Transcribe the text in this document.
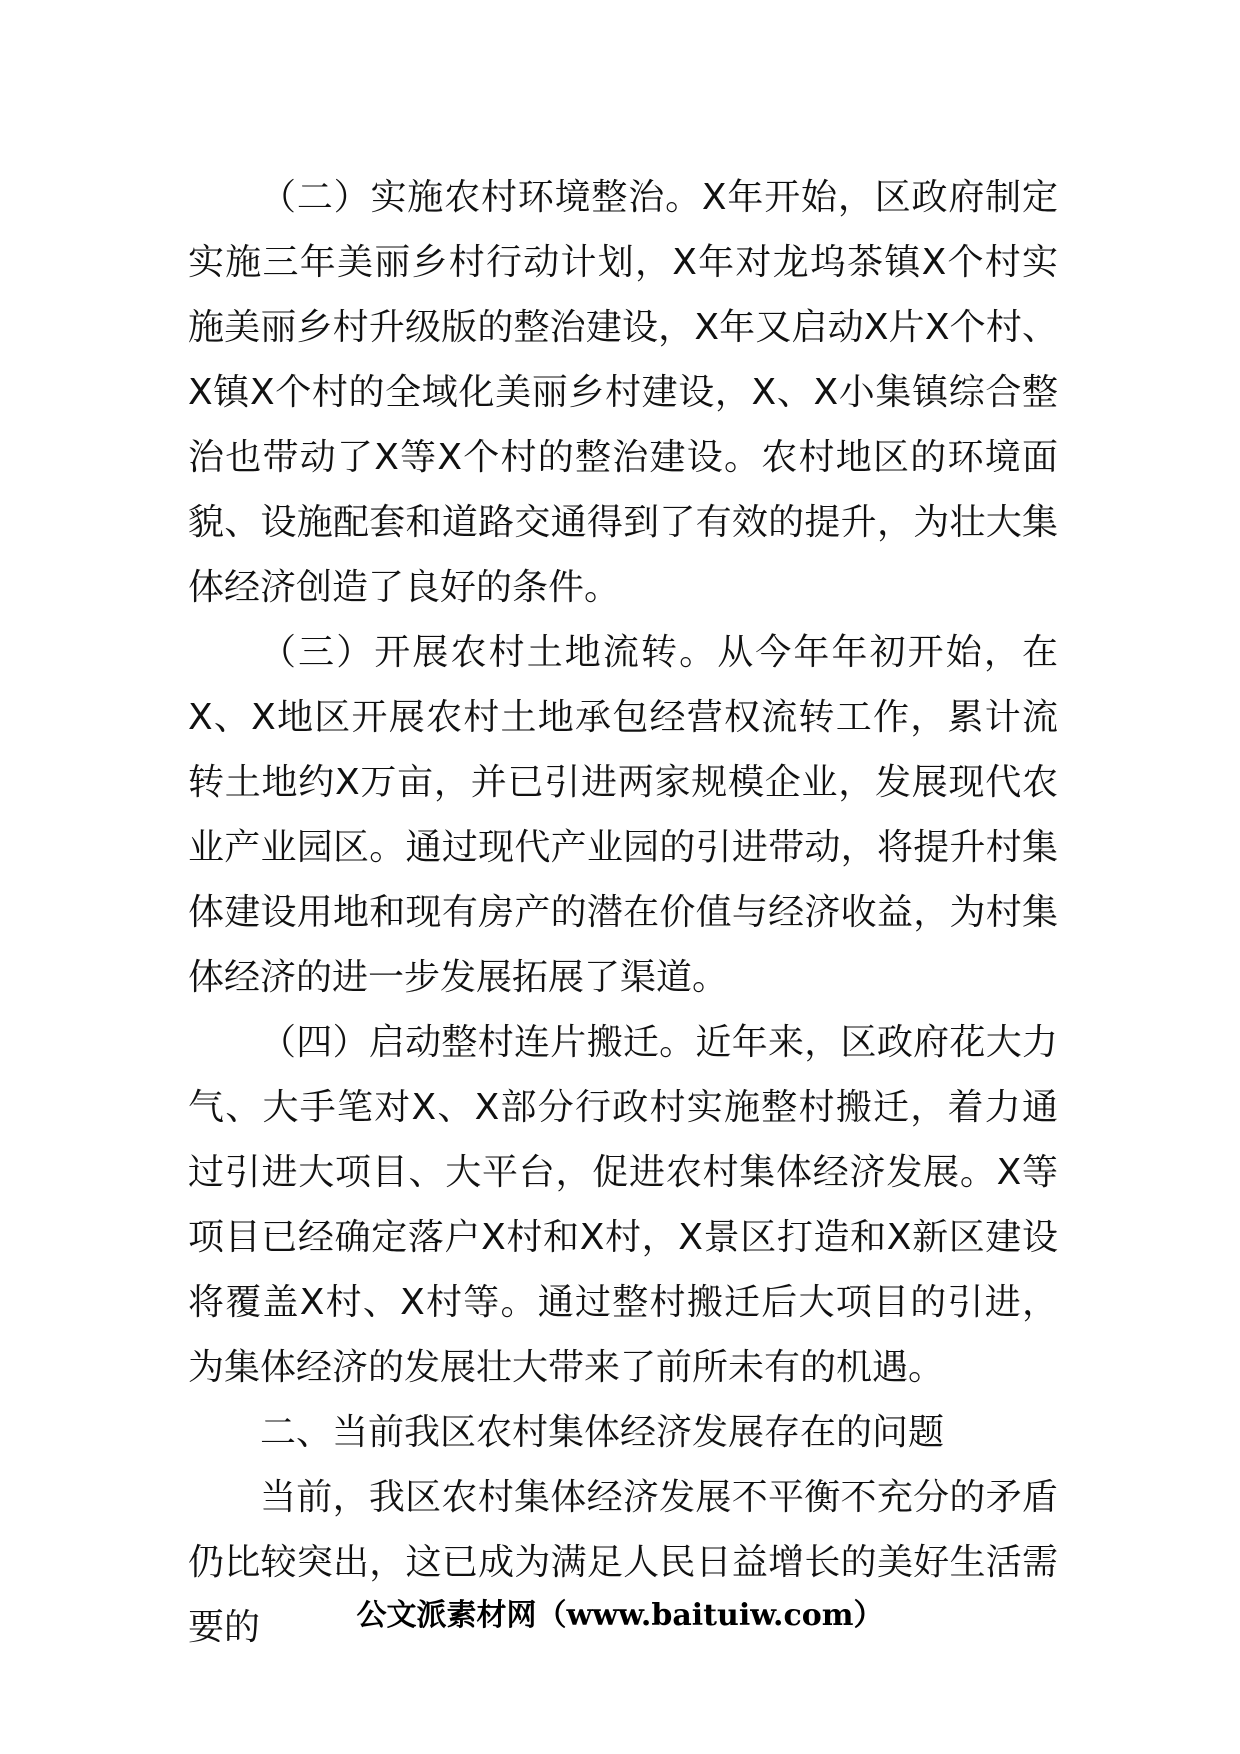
（二）实施农村环境整治。X年开始，区政府制定实施三年美丽乡村行动计划，X年对龙坞茶镇X个村实施美丽乡村升级版的整治建设，X年又启动X片X个村、X镇X个村的全域化美丽乡村建设，X、X小集镇综合整治也带动了X等X个村的整治建设。农村地区的环境面貌、设施配套和道路交通得到了有效的提升，为壮大集体经济创造了良好的条件。

（三）开展农村土地流转。从今年年初开始，在X、X地区开展农村土地承包经营权流转工作，累计流转土地约X万亩，并已引进两家规模企业，发展现代农业产业园区。通过现代产业园的引进带动，将提升村集体建设用地和现有房产的潜在价值与经济收益，为村集体经济的进一步发展拓展了渠道。

（四）启动整村连片搬迁。近年来，区政府花大力气、大手笔对X、X部分行政村实施整村搬迁，着力通过引进大项目、大平台，促进农村集体经济发展。X等项目已经确定落户X村和X村，X景区打造和X新区建设将覆盖X村、X村等。通过整村搬迁后大项目的引进，为集体经济的发展壮大带来了前所未有的机遇。

二、当前我区农村集体经济发展存在的问题

当前，我区农村集体经济发展不平衡不充分的矛盾仍比较突出，这已成为满足人民日益增长的美好生活需要的	公文派素材网（www.baituiw.com）
